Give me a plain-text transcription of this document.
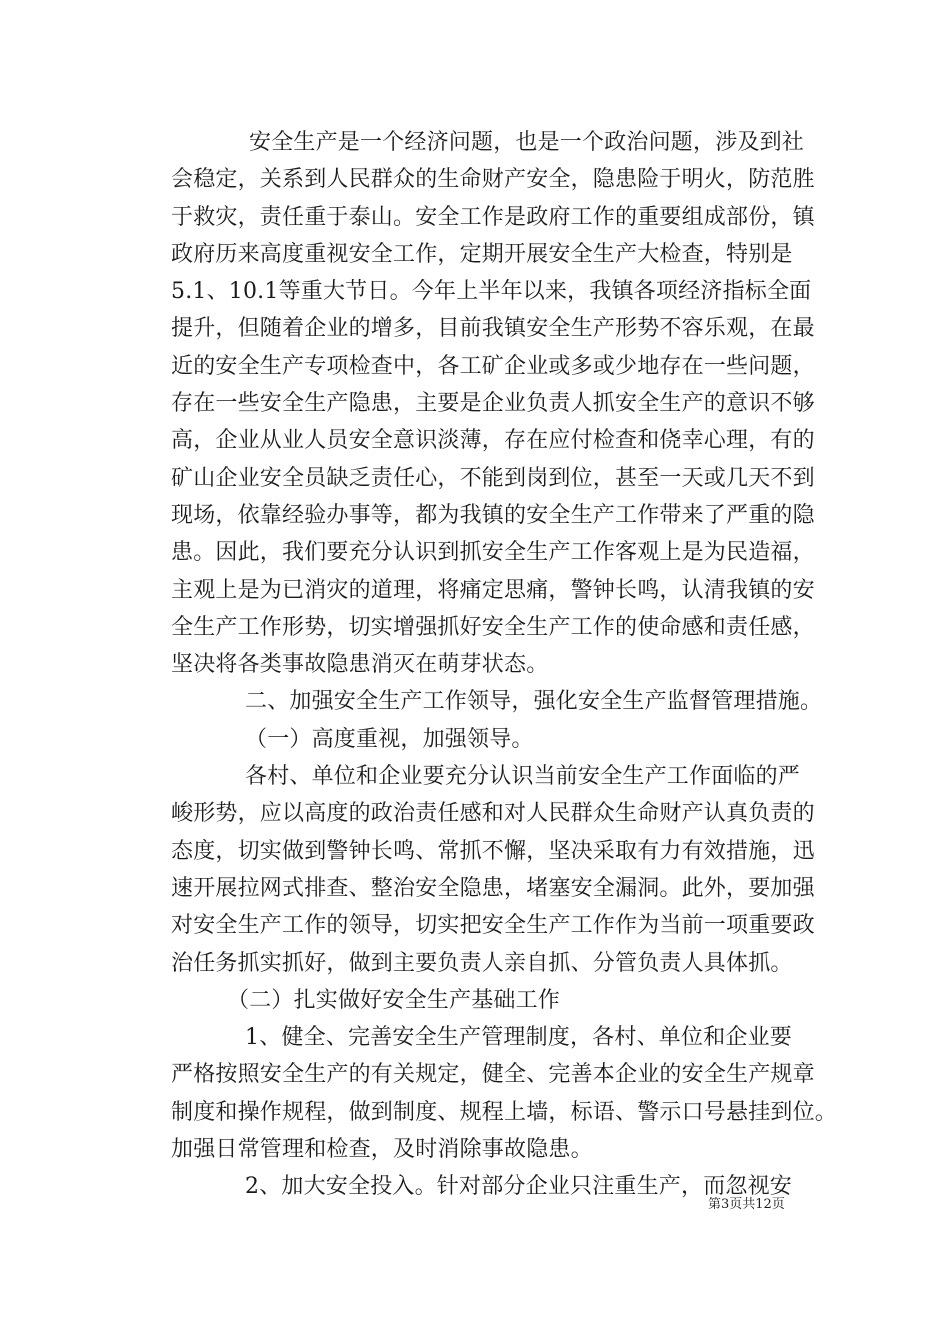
安全生产是一个经济问题，也是一个政治问题，涉及到社
会稳定，关系到人民群众的生命财产安全，隐患险于明火，防范胜
于救灾，责任重于泰山。安全工作是政府工作的重要组成部份，镇
政府历来高度重视安全工作，定期开展安全生产大检查，特别是
5.1、10.1等重大节日。今年上半年以来，我镇各项经济指标全面
提升，但随着企业的增多，目前我镇安全生产形势不容乐观，在最
近的安全生产专项检查中，各工矿企业或多或少地存在一些问题，
存在一些安全生产隐患，主要是企业负责人抓安全生产的意识不够
高，企业从业人员安全意识淡薄，存在应付检查和侥幸心理，有的
矿山企业安全员缺乏责任心，不能到岗到位，甚至一天或几天不到
现场，依靠经验办事等，都为我镇的安全生产工作带来了严重的隐
患。因此，我们要充分认识到抓安全生产工作客观上是为民造福，
主观上是为已消灾的道理，将痛定思痛，警钟长鸣，认清我镇的安
全生产工作形势，切实增强抓好安全生产工作的使命感和责任感，
坚决将各类事故隐患消灭在萌芽状态。
二、加强安全生产工作领导，强化安全生产监督管理措施。
（一）高度重视，加强领导。
各村、单位和企业要充分认识当前安全生产工作面临的严
峻形势，应以高度的政治责任感和对人民群众生命财产认真负责的
态度，切实做到警钟长鸣、常抓不懈，坚决采取有力有效措施，迅
速开展拉网式排查、整治安全隐患，堵塞安全漏洞。此外，要加强
对安全生产工作的领导，切实把安全生产工作作为当前一项重要政
治任务抓实抓好，做到主要负责人亲自抓、分管负责人具体抓。
（二）扎实做好安全生产基础工作
1、健全、完善安全生产管理制度，各村、单位和企业要
严格按照安全生产的有关规定，健全、完善本企业的安全生产规章
制度和操作规程，做到制度、规程上墙，标语、警示口号悬挂到位。
加强日常管理和检查，及时消除事故隐患。
2、加大安全投入。针对部分企业只注重生产，而忽视安
第3页共12页
